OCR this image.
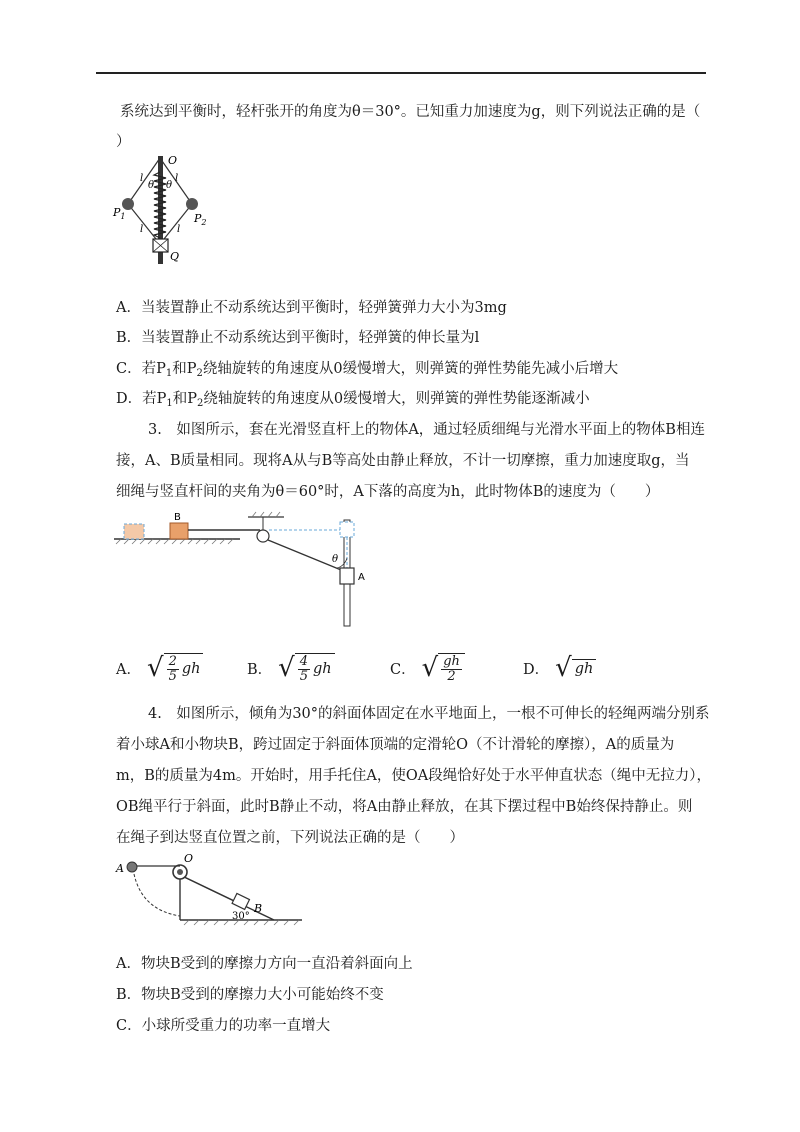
系统达到平衡时，轻杆张开的角度为θ＝30°。已知重力加速度为g，则下列说法正确的是（
）
O
l	l
l	l
θ θ
$P_1$	$P_2$
Q
A．当装置静止不动系统达到平衡时，轻弹簧弹力大小为3mg
B．当装置静止不动系统达到平衡时，轻弹簧的伸长量为l
C．若$P_1$和$P_2$绕轴旋转的角速度从0缓慢增大，则弹簧的弹性势能先减小后增大
D．若$P_1$和$P_2$绕轴旋转的角速度从0缓慢增大，则弹簧的弹性势能逐渐减小
3.　如图所示，套在光滑竖直杆上的物体A，通过轻质细绳与光滑水平面上的物体B相连
接，A、B质量相同。现将A从与B等高处由静止释放，不计一切摩擦，重力加速度取g，当
细绳与竖直杆间的夹角为θ＝60°时，A下落的高度为h，此时物体B的速度为（　　）
B
θ
A
A． √ $\frac{2}{5}$ gh	B． √ $\frac{4}{5}$ gh	C． √ $\frac{gh}{2}$	D． √ gh
4.　如图所示，倾角为30°的斜面体固定在水平地面上，一根不可伸长的轻绳两端分别系
着小球A和小物块B，跨过固定于斜面体顶端的定滑轮O（不计滑轮的摩擦），A的质量为
m，B的质量为4m。开始时，用手托住A，使OA段绳恰好处于水平伸直状态（绳中无拉力），
OB绳平行于斜面，此时B静止不动，将A由静止释放，在其下摆过程中B始终保持静止。则
在绳子到达竖直位置之前，下列说法正确的是（　　）
O
A
B
30°
A．物块B受到的摩擦力方向一直沿着斜面向上
B．物块B受到的摩擦力大小可能始终不变
C．小球所受重力的功率一直增大
